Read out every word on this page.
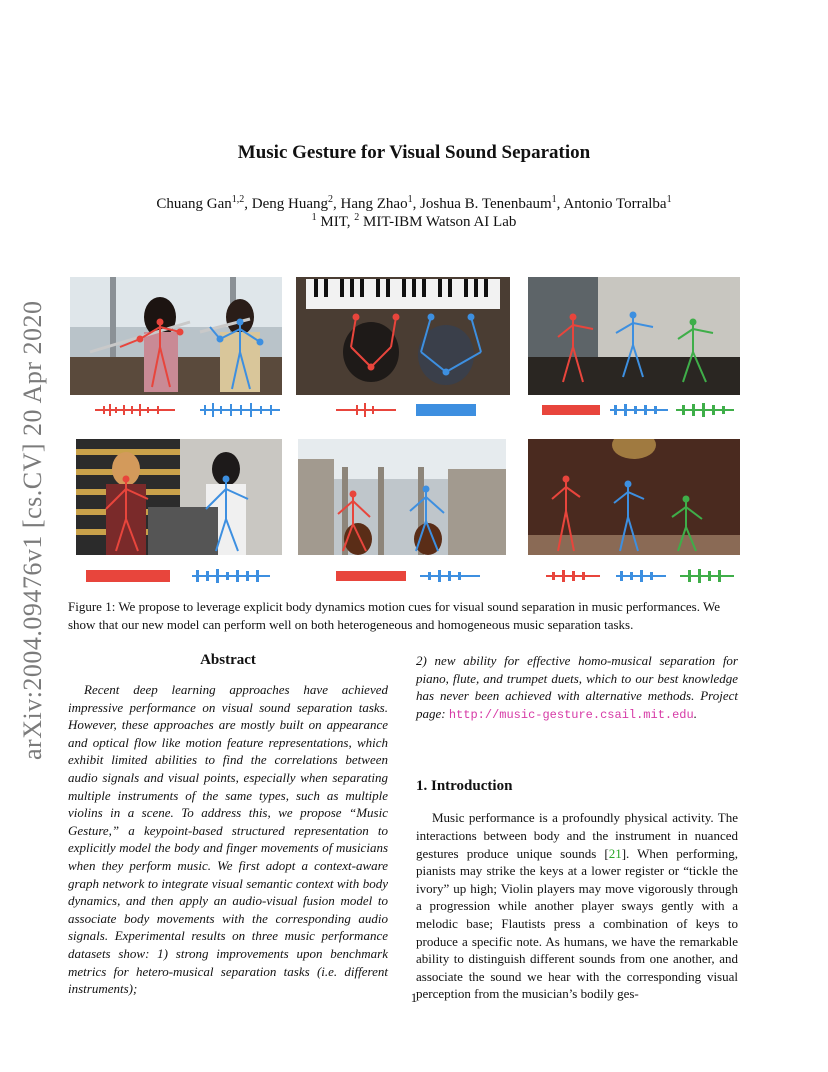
arXiv:2004.09476v1 [cs.CV] 20 Apr 2020
Music Gesture for Visual Sound Separation
Chuang Gan$^{1,2}$, Deng Huang$^2$, Hang Zhao$^1$, Joshua B. Tenenbaum$^1$, Antonio Torralba$^1$
$^1$ MIT, $^2$ MIT-IBM Watson AI Lab
Figure 1: We propose to leverage explicit body dynamics motion cues for visual sound separation in music performances. We show that our new model can perform well on both heterogeneous and homogeneous music separation tasks.
Abstract

Recent deep learning approaches have achieved impressive performance on visual sound separation tasks. However, these approaches are mostly built on appearance and optical flow like motion feature representations, which exhibit limited abilities to find the correlations between audio signals and visual points, especially when separating multiple instruments of the same types, such as multiple violins in a scene. To address this, we propose “Music Gesture,” a keypoint-based structured representation to explicitly model the body and finger movements of musicians when they perform music. We first adopt a context-aware graph network to integrate visual semantic context with body dynamics, and then apply an audio-visual fusion model to associate body movements with the corresponding audio signals. Experimental results on three music performance datasets show: 1) strong improvements upon benchmark metrics for hetero-musical separation tasks (i.e. different instruments);

2) new ability for effective homo-musical separation for piano, flute, and trumpet duets, which to our best knowledge has never been achieved with alternative methods. Project page: http://music-gesture.csail.mit.edu.

1. Introduction

Music performance is a profoundly physical activity. The interactions between body and the instrument in nuanced gestures produce unique sounds [21]. When performing, pianists may strike the keys at a lower register or “tickle the ivory” up high; Violin players may move vigorously through a progression while another player sways gently with a melodic base; Flautists press a combination of keys to produce a specific note. As humans, we have the remarkable ability to distinguish different sounds from one another, and associate the sound we hear with the corresponding visual perception from the musician’s bodily ges-

1
